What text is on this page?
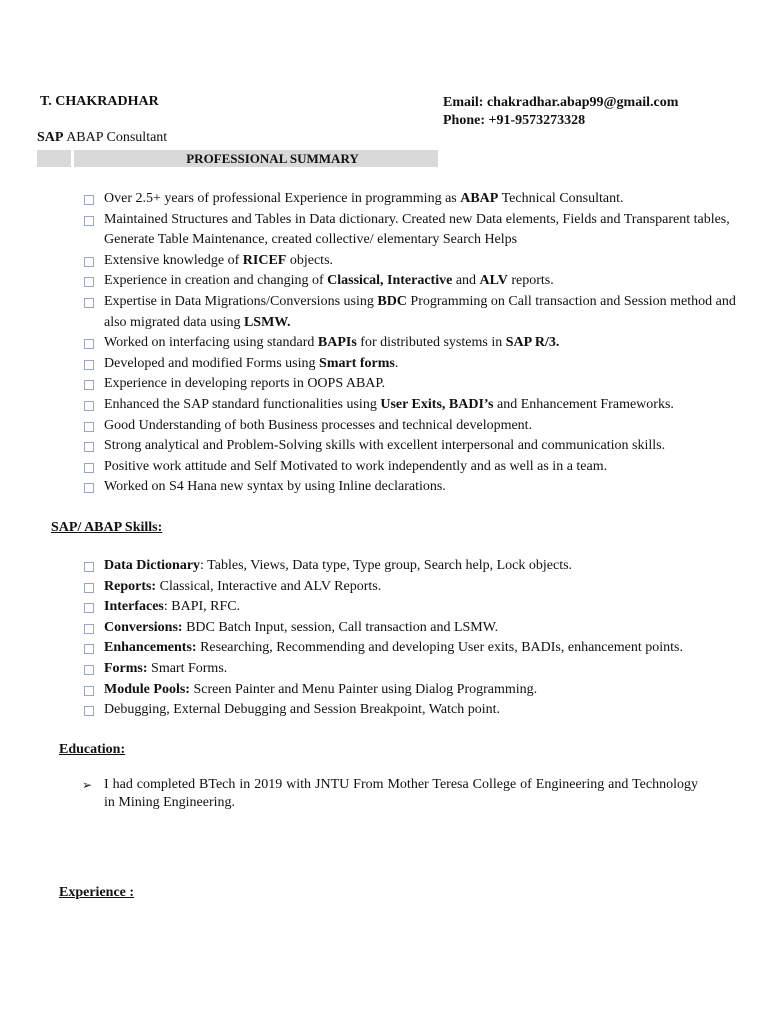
T. CHAKRADHAR	Email: chakradhar.abap99@gmail.com
Phone: +91-9573273328
SAP ABAP Consultant
PROFESSIONAL SUMMARY
Over 2.5+ years of professional Experience in programming as ABAP Technical Consultant.
Maintained Structures and Tables in Data dictionary. Created new Data elements, Fields and Transparent tables, Generate Table Maintenance, created collective/ elementary Search Helps
Extensive knowledge of RICEF objects.
Experience in creation and changing of Classical, Interactive and ALV reports.
Expertise in Data Migrations/Conversions using BDC Programming on Call transaction and Session method and also migrated data using LSMW.
Worked on interfacing using standard BAPIs for distributed systems in SAP R/3.
Developed and modified Forms using Smart forms.
Experience in developing reports in OOPS ABAP.
Enhanced the SAP standard functionalities using User Exits, BADI’s and Enhancement Frameworks.
Good Understanding of both Business processes and technical development.
Strong analytical and Problem-Solving skills with excellent interpersonal and communication skills.
Positive work attitude and Self Motivated to work independently and as well as in a team.
Worked on S4 Hana new syntax by using Inline declarations.
SAP/ ABAP Skills:
Data Dictionary: Tables, Views, Data type, Type group, Search help, Lock objects.
Reports: Classical, Interactive and ALV Reports.
Interfaces: BAPI, RFC.
Conversions: BDC Batch Input, session, Call transaction and LSMW.
Enhancements: Researching, Recommending and developing User exits, BADIs, enhancement points.
Forms: Smart Forms.
Module Pools: Screen Painter and Menu Painter using Dialog Programming.
Debugging, External Debugging and Session Breakpoint, Watch point.
Education:
➢ I had completed BTech in 2019 with JNTU From Mother Teresa College of Engineering and Technology in Mining Engineering.
Experience :
